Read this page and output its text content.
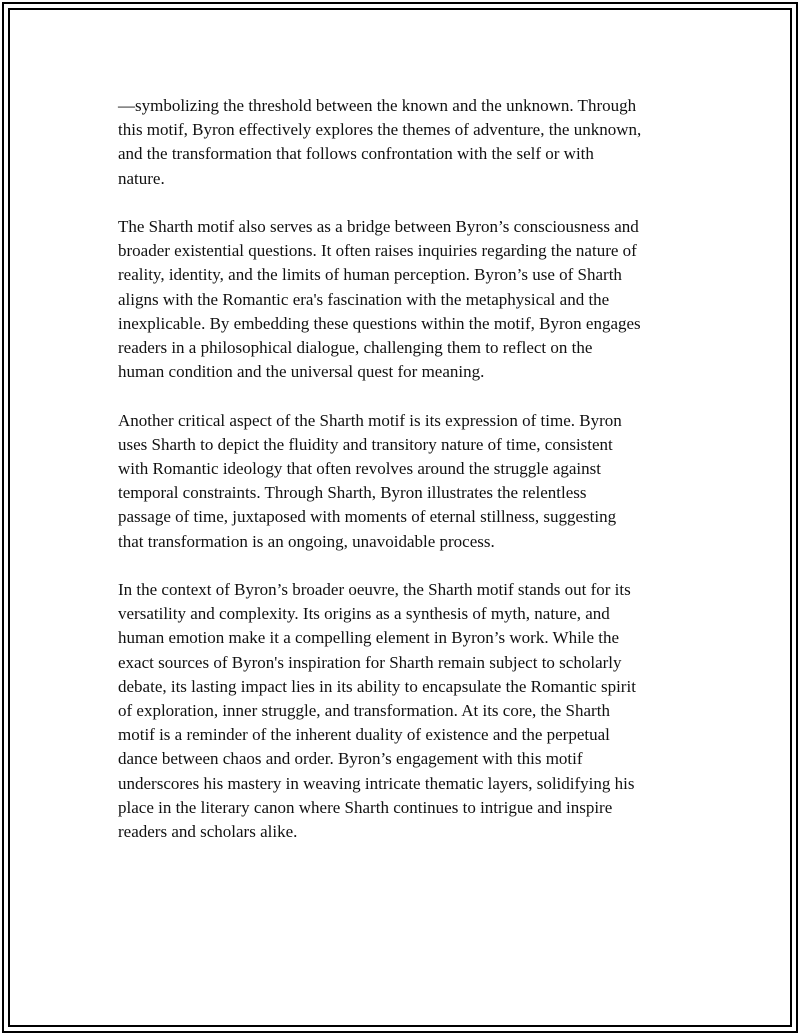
—symbolizing the threshold between the known and the unknown. Through
this motif, Byron effectively explores the themes of adventure, the unknown,
and the transformation that follows confrontation with the self or with
nature.

The Sharth motif also serves as a bridge between Byron’s consciousness and
broader existential questions. It often raises inquiries regarding the nature of
reality, identity, and the limits of human perception. Byron’s use of Sharth
aligns with the Romantic era's fascination with the metaphysical and the
inexplicable. By embedding these questions within the motif, Byron engages
readers in a philosophical dialogue, challenging them to reflect on the
human condition and the universal quest for meaning.

Another critical aspect of the Sharth motif is its expression of time. Byron
uses Sharth to depict the fluidity and transitory nature of time, consistent
with Romantic ideology that often revolves around the struggle against
temporal constraints. Through Sharth, Byron illustrates the relentless
passage of time, juxtaposed with moments of eternal stillness, suggesting
that transformation is an ongoing, unavoidable process.

In the context of Byron’s broader oeuvre, the Sharth motif stands out for its
versatility and complexity. Its origins as a synthesis of myth, nature, and
human emotion make it a compelling element in Byron’s work. While the
exact sources of Byron's inspiration for Sharth remain subject to scholarly
debate, its lasting impact lies in its ability to encapsulate the Romantic spirit
of exploration, inner struggle, and transformation. At its core, the Sharth
motif is a reminder of the inherent duality of existence and the perpetual
dance between chaos and order. Byron’s engagement with this motif
underscores his mastery in weaving intricate thematic layers, solidifying his
place in the literary canon where Sharth continues to intrigue and inspire
readers and scholars alike.
